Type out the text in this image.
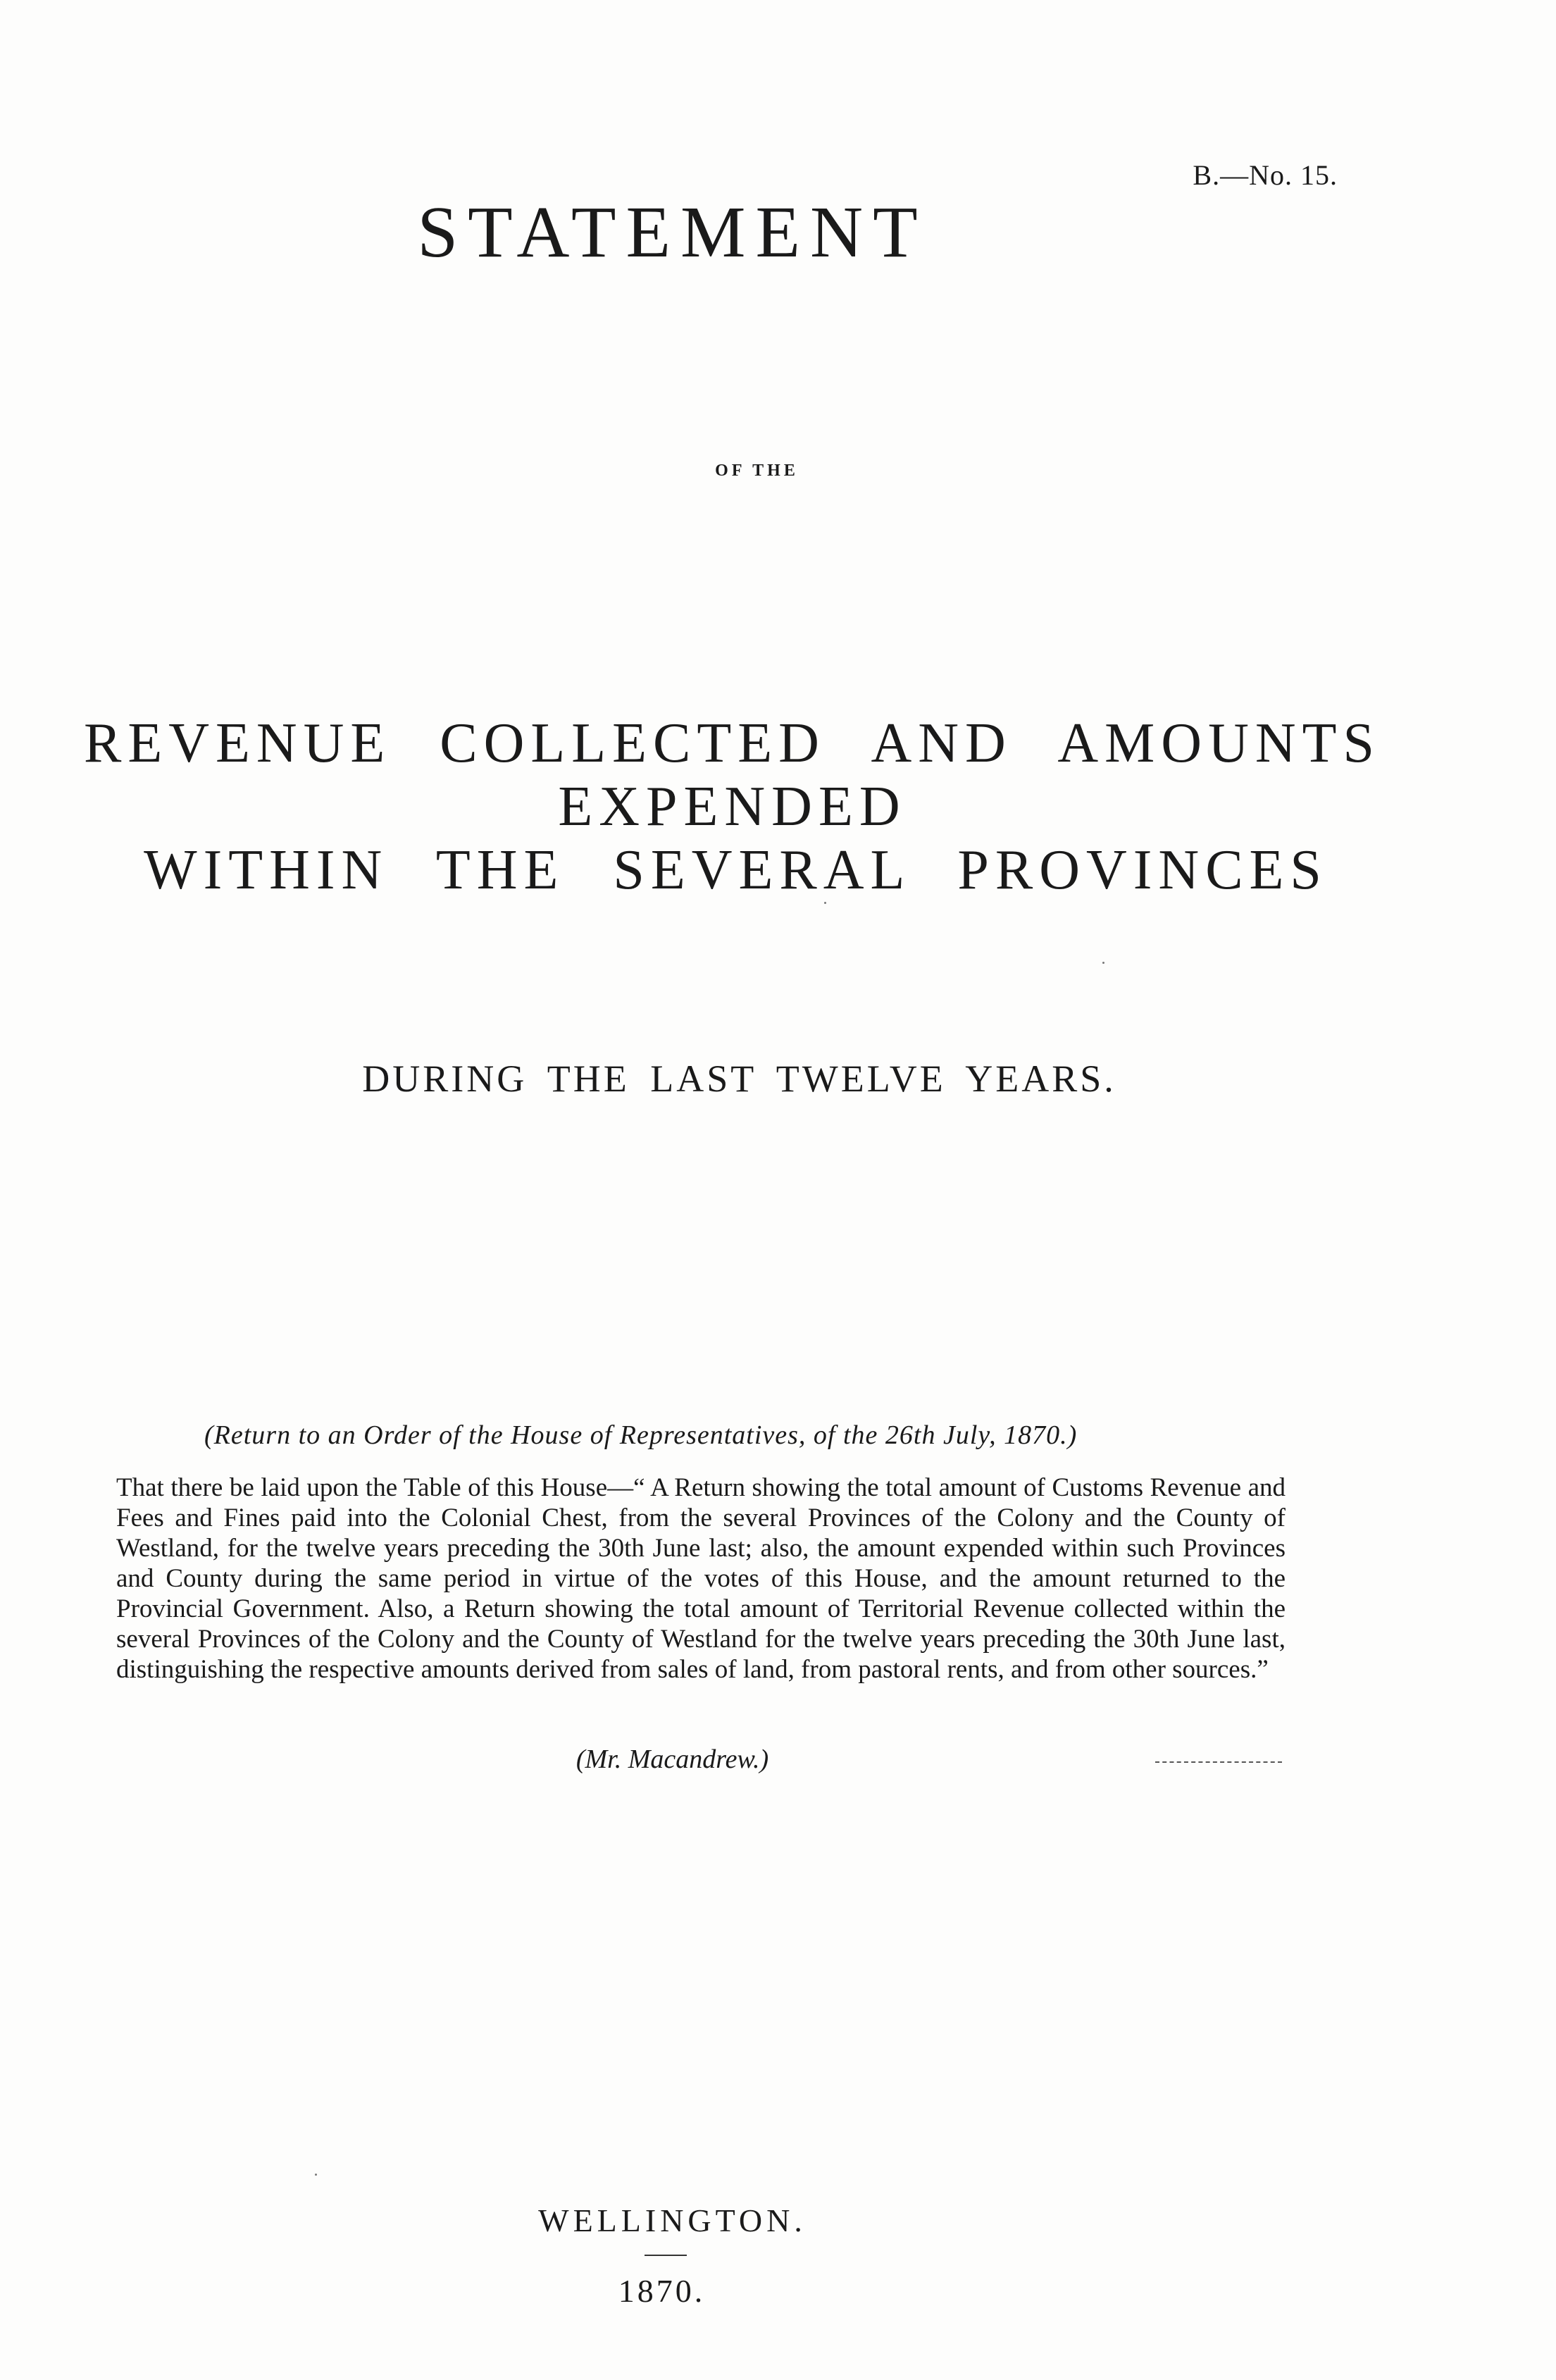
B.—No. 15.
STATEMENT
OF THE
REVENUE COLLECTED AND AMOUNTS EXPENDED
WITHIN THE SEVERAL PROVINCES
DURING THE LAST TWELVE YEARS.
(Return to an Order of the House of Representatives, of the 26th July, 1870.)

That there be laid upon the Table of this House—“ A Return showing the total amount of Customs Revenue and Fees and Fines paid into the Colonial Chest, from the several Provinces of the Colony and the County of Westland, for the twelve years preceding the 30th June last; also, the amount expended within such Provinces and County during the same period in virtue of the votes of this House, and the amount returned to the Provincial Government. Also, a Return showing the total amount of Territorial Revenue collected within the several Provinces of the Colony and the County of Westland for the twelve years preceding the 30th June last, distinguishing the respective amounts derived from sales of land, from pastoral rents, and from other sources.”

(Mr. Macandrew.)
WELLINGTON.
1870.
